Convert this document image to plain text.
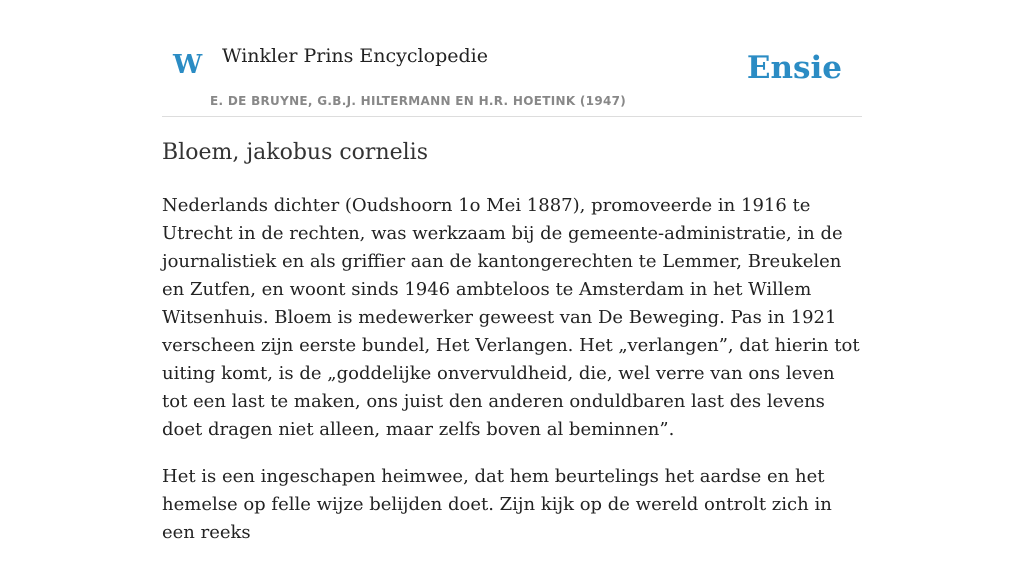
W Winkler Prins Encyclopedie
E. DE BRUYNE, G.B.J. HILTERMANN EN H.R. HOETINK (1947)
Ensie
Bloem, jakobus cornelis

Nederlands dichter (Oudshoorn 1o Mei 1887), promoveerde in 1916 te Utrecht in de rechten, was werkzaam bij de gemeente-administratie, in de journalistiek en als griffier aan de kantongerechten te Lemmer, Breukelen en Zutfen, en woont sinds 1946 ambteloos te Amsterdam in het Willem Witsenhuis. Bloem is medewerker geweest van De Beweging. Pas in 1921 verscheen zijn eerste bundel, Het Verlangen. Het „verlangen”, dat hierin tot uiting komt, is de „goddelijke onvervuldheid, die, wel verre van ons leven tot een last te maken, ons juist den anderen onduldbaren last des levens doet dragen niet alleen, maar zelfs boven al beminnen”.

Het is een ingeschapen heimwee, dat hem beurtelings het aardse en het hemelse op felle wijze belijden doet. Zijn kijk op de wereld ontrolt zich in een reeks
